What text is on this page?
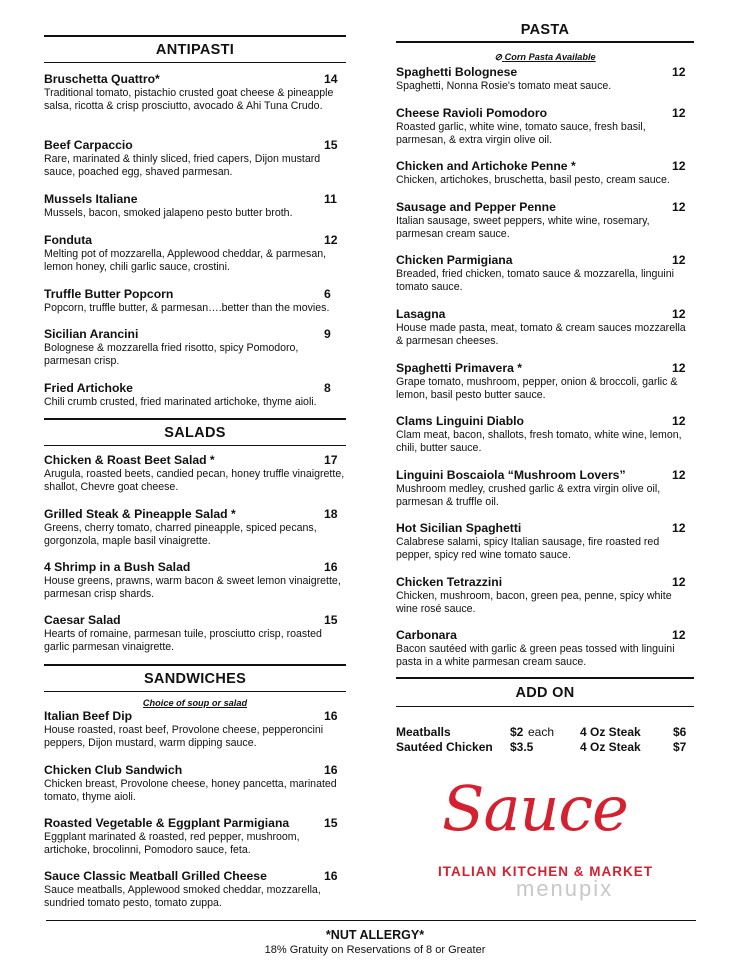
ANTIPASTI
Bruschetta Quattro*	14
Traditional tomato, pistachio crusted goat cheese & pineapple salsa, ricotta & crisp prosciutto, avocado & Ahi Tuna Crudo.
Beef Carpaccio	15
Rare, marinated & thinly sliced, fried capers, Dijon mustard sauce, poached egg, shaved parmesan.
Mussels Italiane	11
Mussels, bacon, smoked jalapeno pesto butter broth.
Fonduta	12
Melting pot of mozzarella, Applewood cheddar, & parmesan, lemon honey, chili garlic sauce, crostini.
Truffle Butter Popcorn	6
Popcorn, truffle butter, & parmesan….better than the movies.
Sicilian Arancini	9
Bolognese & mozzarella fried risotto, spicy Pomodoro, parmesan crisp.
Fried Artichoke	8
Chili crumb crusted, fried marinated artichoke, thyme aioli.
SALADS
Chicken & Roast Beet Salad *	17
Arugula, roasted beets, candied pecan, honey truffle vinaigrette, shallot, Chevre goat cheese.
Grilled Steak & Pineapple Salad *	18
Greens, cherry tomato, charred pineapple, spiced pecans, gorgonzola, maple basil vinaigrette.
4 Shrimp in a Bush Salad	16
House greens, prawns, warm bacon & sweet lemon vinaigrette, parmesan crisp shards.
Caesar Salad	15
Hearts of romaine, parmesan tuile, prosciutto crisp, roasted garlic parmesan vinaigrette.
SANDWICHES
Choice of soup or salad
Italian Beef Dip	16
House roasted, roast beef, Provolone cheese, pepperoncini peppers, Dijon mustard, warm dipping sauce.
Chicken Club Sandwich	16
Chicken breast, Provolone cheese, honey pancetta, marinated tomato, thyme aioli.
Roasted Vegetable & Eggplant Parmigiana	15
Eggplant marinated & roasted, red pepper, mushroom, artichoke, brocolinni, Pomodoro sauce, feta.
Sauce Classic Meatball Grilled Cheese	16
Sauce meatballs, Applewood smoked cheddar, mozzarella, sundried tomato pesto, tomato zuppa.
PASTA
⊘ Corn Pasta Available
Spaghetti Bolognese	12
Spaghetti, Nonna Rosie's tomato meat sauce.
Cheese Ravioli Pomodoro	12
Roasted garlic, white wine, tomato sauce, fresh basil, parmesan, & extra virgin olive oil.
Chicken and Artichoke Penne *	12
Chicken, artichokes, bruschetta, basil pesto, cream sauce.
Sausage and Pepper Penne	12
Italian sausage, sweet peppers, white wine, rosemary, parmesan cream sauce.
Chicken Parmigiana	12
Breaded, fried chicken, tomato sauce & mozzarella, linguini tomato sauce.
Lasagna	12
House made pasta, meat, tomato & cream sauces mozzarella & parmesan cheeses.
Spaghetti Primavera *	12
Grape tomato, mushroom, pepper, onion & broccoli, garlic & lemon, basil pesto butter sauce.
Clams Linguini Diablo	12
Clam meat, bacon, shallots, fresh tomato, white wine, lemon, chili, butter sauce.
Linguini Boscaiola “Mushroom Lovers”	12
Mushroom medley, crushed garlic & extra virgin olive oil, parmesan & truffle oil.
Hot Sicilian Spaghetti	12
Calabrese salami, spicy Italian sausage, fire roasted red pepper, spicy red wine tomato sauce.
Chicken Tetrazzini	12
Chicken, mushroom, bacon, green pea, penne, spicy white wine rosé sauce.
Carbonara	12
Bacon sautéed with garlic & green peas tossed with linguini pasta in a white parmesan cream sauce.
ADD ON
Meatballs	$2 each 4 Oz Steak	$6
Sautéed Chicken $3.5	4 Oz Steak	$7
Sauce
ITALIAN KITCHEN & MARKET
menupix
*NUT ALLERGY*
18% Gratuity on Reservations of 8 or Greater
